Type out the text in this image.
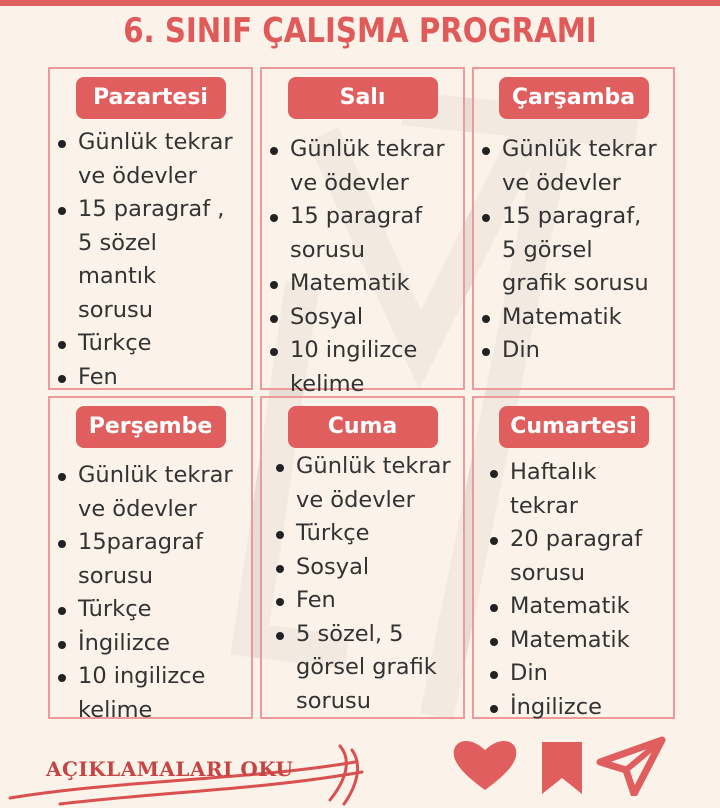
6. SINIF ÇALIŞMA PROGRAMI
Pazartesi
Günlük tekrar
ve ödevler
15 paragraf ,
5 sözel
mantık
sorusu
Türkçe
Fen
Salı
Günlük tekrar
ve ödevler
15 paragraf
sorusu
Matematik
Sosyal
10 ingilizce
kelime
Çarşamba
Günlük tekrar
ve ödevler
15 paragraf,
5 görsel
grafik sorusu
Matematik
Din
Perşembe
Günlük tekrar
ve ödevler
15paragraf
sorusu
Türkçe
İngilizce
10 ingilizce
kelime
Cuma
Günlük tekrar
ve ödevler
Türkçe
Sosyal
Fen
5 sözel, 5
görsel grafik
sorusu
Cumartesi
Haftalık
tekrar
20 paragraf
sorusu
Matematik
Matematik
Din
İngilizce
AÇIKLAMALARI OKU
